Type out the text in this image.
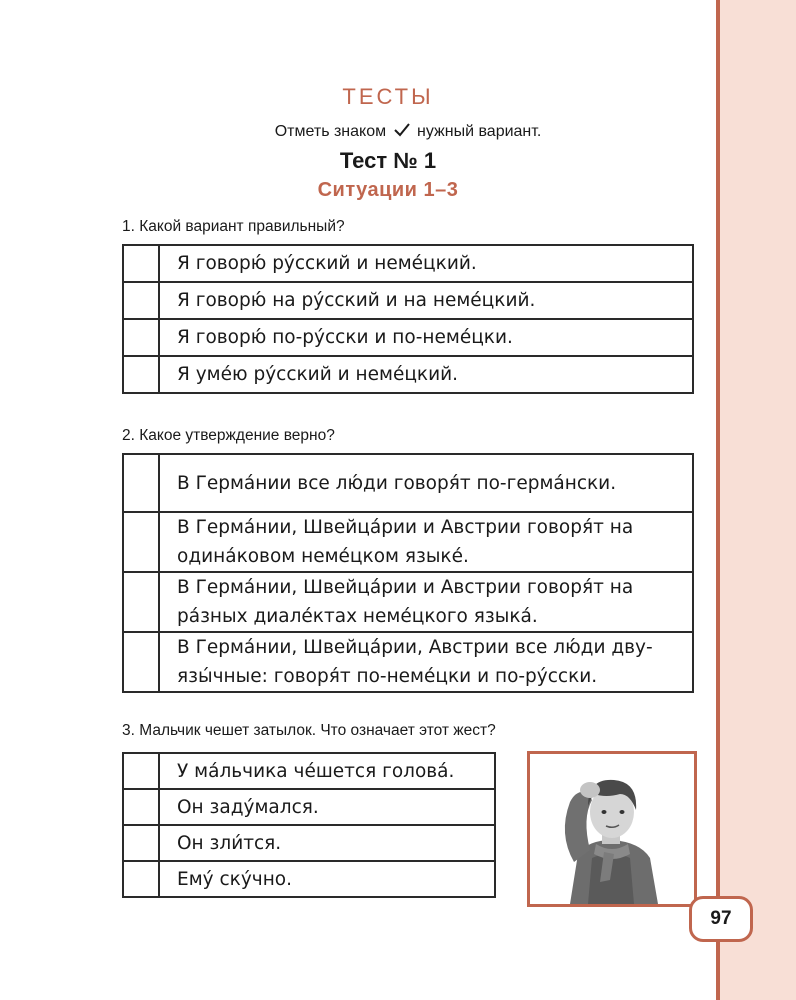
ТЕСТЫ
Отметь знаком нужный вариант.
Тест № 1
Ситуации 1–3
1. Какой вариант правильный?
	Я говорю́ ру́сский и неме́цкий.
	Я говорю́ на ру́сский и на неме́цкий.
	Я говорю́ по-ру́сски и по-неме́цки.
	Я уме́ю ру́сский и неме́цкий.
2. Какое утверждение верно?
	В Герма́нии все лю́ди говоря́т по-герма́нски.
	В Герма́нии, Швейца́рии и Австрии говоря́т на одина́ковом неме́цком языке́.
	В Герма́нии, Швейца́рии и Австрии говоря́т на ра́зных диале́ктах неме́цкого языка́.
	В Герма́нии, Швейца́рии, Австрии все лю́ди дву-язы́чные: говоря́т по-неме́цки и по-ру́сски.
3. Мальчик чешет затылок. Что означает этот жест?
	У ма́льчика че́шется голова́.
	Он заду́мался.
	Он зли́тся.
	Ему́ ску́чно.
97
